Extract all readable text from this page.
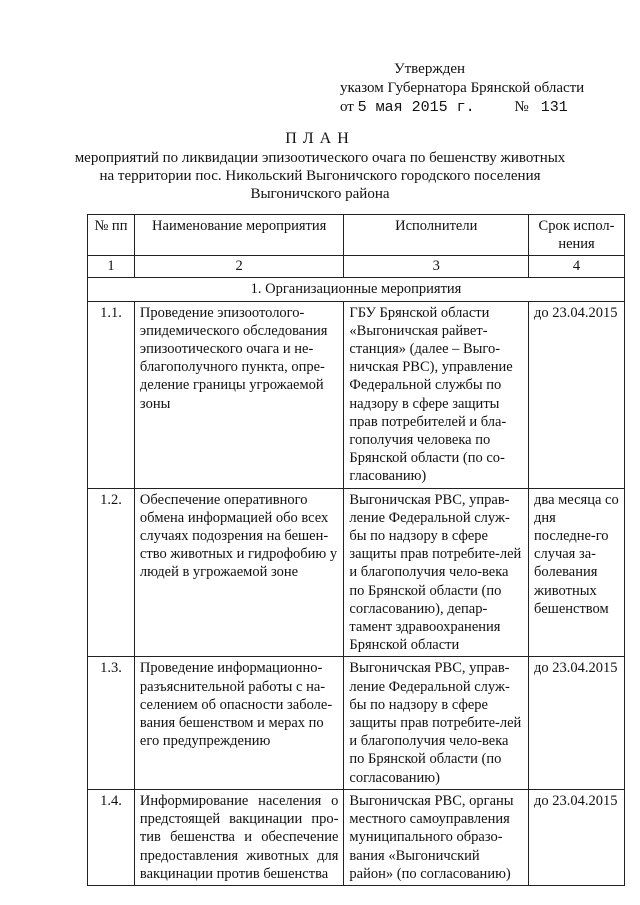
Утвержден
указом Губернатора Брянской области
от 5 мая 2015 г.	№ 131
ПЛАН
мероприятий по ликвидации эпизоотического очага по бешенству животных
на территории пос. Никольский Выгоничского городского поселения
Выгоничского района
№ пп	Наименование мероприятия	Исполнители	Срок испол-нения
1	2	3	4
1. Организационные мероприятия			
1.1.	Проведение эпизоотолого-эпидемического обследования эпизоотического очага и не-благополучного пункта, опре-деление границы угрожаемой зоны	ГБУ Брянской области «Выгоничская райвет-станция» (далее – Выго-ничская РВС), управление Федеральной службы по надзору в сфере защиты прав потребителей и бла-гополучия человека по Брянской области (по со-гласованию)	до 23.04.2015
1.2.	Обеспечение оперативного обмена информацией обо всех случаях подозрения на бешен-ство животных и гидрофобию у людей в угрожаемой зоне	Выгоничская РВС, управ-ление Федеральной служ-бы по надзору в сфере защиты прав потребите-лей и благополучия чело-века по Брянской области (по согласованию), депар-тамент здравоохранения Брянской области	два месяца со дня последне-го случая за-болевания животных бешенством
1.3.	Проведение информационно-разъяснительной работы с на-селением об опасности заболе-вания бешенством и мерах по его предупреждению	Выгоничская РВС, управ-ление Федеральной служ-бы по надзору в сфере защиты прав потребите-лей и благополучия чело-века по Брянской области (по согласованию)	до 23.04.2015
1.4.	Информирование населения о предстоящей вакцинации про-тив бешенства и обеспечение предоставления животных для вакцинации против бешенства	Выгоничская РВС, органы местного самоуправления муниципального образо-вания «Выгоничский район» (по согласованию)	до 23.04.2015
